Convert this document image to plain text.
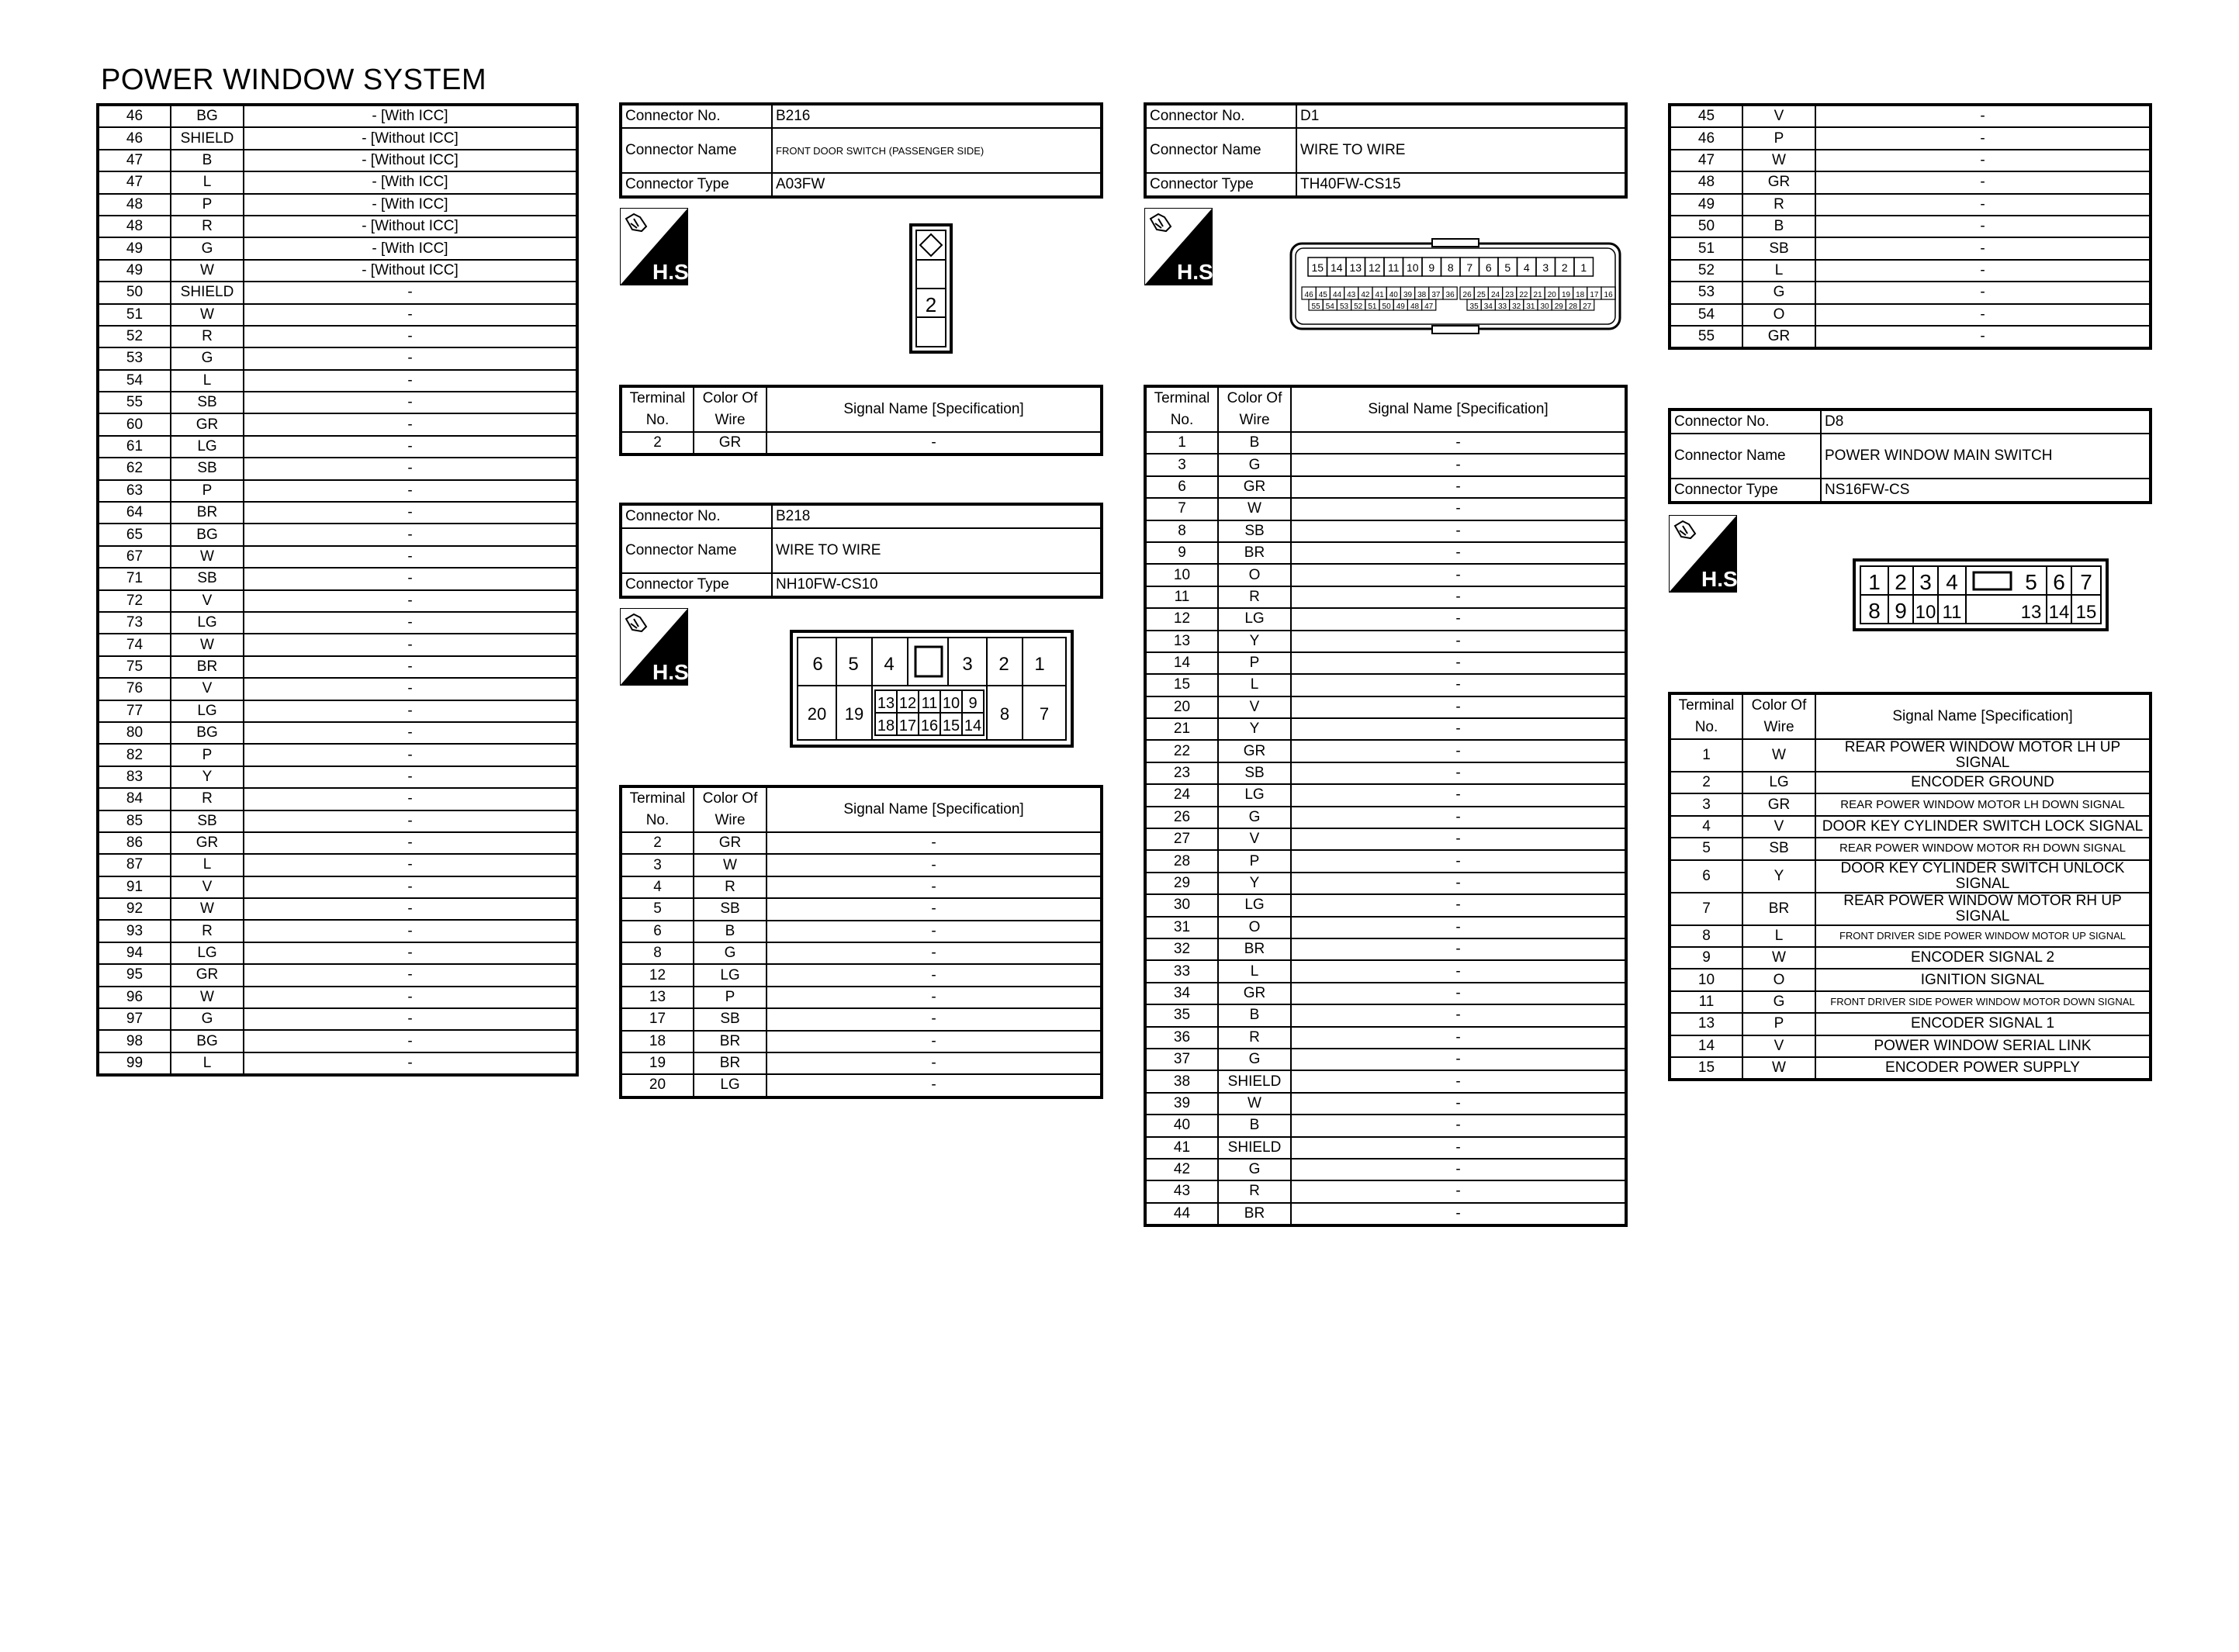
POWER WINDOW SYSTEM
46	BG	- [With ICC]
46	SHIELD	- [Without ICC]
47	B	- [Without ICC]
47	L	- [With ICC]
48	P	- [With ICC]
48	R	- [Without ICC]
49	G	- [With ICC]
49	W	- [Without ICC]
50	SHIELD	-
51	W	-
52	R	-
53	G	-
54	L	-
55	SB	-
60	GR	-
61	LG	-
62	SB	-
63	P	-
64	BR	-
65	BG	-
67	W	-
71	SB	-
72	V	-
73	LG	-
74	W	-
75	BR	-
76	V	-
77	LG	-
80	BG	-
82	P	-
83	Y	-
84	R	-
85	SB	-
86	GR	-
87	L	-
91	V	-
92	W	-
93	R	-
94	LG	-
95	GR	-
96	W	-
97	G	-
98	BG	-
99	L	-
Connector No.	B216
Connector Name	FRONT DOOR SWITCH (PASSENGER SIDE)
Connector Type	A03FW
H.S.
2
Terminal
No.	Color Of
Wire	Signal Name [Specification]
2	GR	-
Connector No.	B218
Connector Name	WIRE TO WIRE
Connector Type	NH10FW-CS10
H.S.	6 5 4	3 2 1
20 19	8 7
13 12 11 10 9
18 17 16 15 14
Terminal
No.	Color Of
Wire	Signal Name [Specification]
2	GR	-
3	W	-
4	R	-
5	SB	-
6	B	-
8	G	-
12	LG	-
13	P	-
17	SB	-
18	BR	-
19	BR	-
20	LG	-
Connector No.	D1
Connector Name	WIRE TO WIRE
Connector Type	TH40FW-CS15
H.S.	15 14 13 12 11 10 9 8 7 6 5 4 3 2 1
46 45 44 43 42 41 40 39 38 37 36 26 25 24 23 22 21 20 19 18 17 16
55 54 53 52 51 50 49 48 47	35 34 33 32 31 30 29 28 27
Terminal
No.	Color Of
Wire	Signal Name [Specification]
1	B	-
3	G	-
6	GR	-
7	W	-
8	SB	-
9	BR	-
10	O	-
11	R	-
12	LG	-
13	Y	-
14	P	-
15	L	-
20	V	-
21	Y	-
22	GR	-
23	SB	-
24	LG	-
26	G	-
27	V	-
28	P	-
29	Y	-
30	LG	-
31	O	-
32	BR	-
33	L	-
34	GR	-
35	B	-
36	R	-
37	G	-
38	SHIELD	-
39	W	-
40	B	-
41	SHIELD	-
42	G	-
43	R	-
44	BR	-
45	V	-
46	P	-
47	W	-
48	GR	-
49	R	-
50	B	-
51	SB	-
52	L	-
53	G	-
54	O	-
55	GR	-
Connector No.	D8
Connector Name	POWER WINDOW MAIN SWITCH
Connector Type	NS16FW-CS
H.S.	1 2 3 4	5 6 7
8 9 10 11	13 14 15
Terminal
No.	Color Of
Wire	Signal Name [Specification]
1	W	REAR POWER WINDOW MOTOR LH UP SIGNAL
2	LG	ENCODER GROUND
3	GR	REAR POWER WINDOW MOTOR LH DOWN SIGNAL
4	V	DOOR KEY CYLINDER SWITCH LOCK SIGNAL
5	SB	REAR POWER WINDOW MOTOR RH DOWN SIGNAL
6	Y	DOOR KEY CYLINDER SWITCH UNLOCK SIGNAL
7	BR	REAR POWER WINDOW MOTOR RH UP SIGNAL
8	L	FRONT DRIVER SIDE POWER WINDOW MOTOR UP SIGNAL
9	W	ENCODER SIGNAL 2
10	O	IGNITION SIGNAL
11	G	FRONT DRIVER SIDE POWER WINDOW MOTOR DOWN SIGNAL
13	P	ENCODER SIGNAL 1
14	V	POWER WINDOW SERIAL LINK
15	W	ENCODER POWER SUPPLY
